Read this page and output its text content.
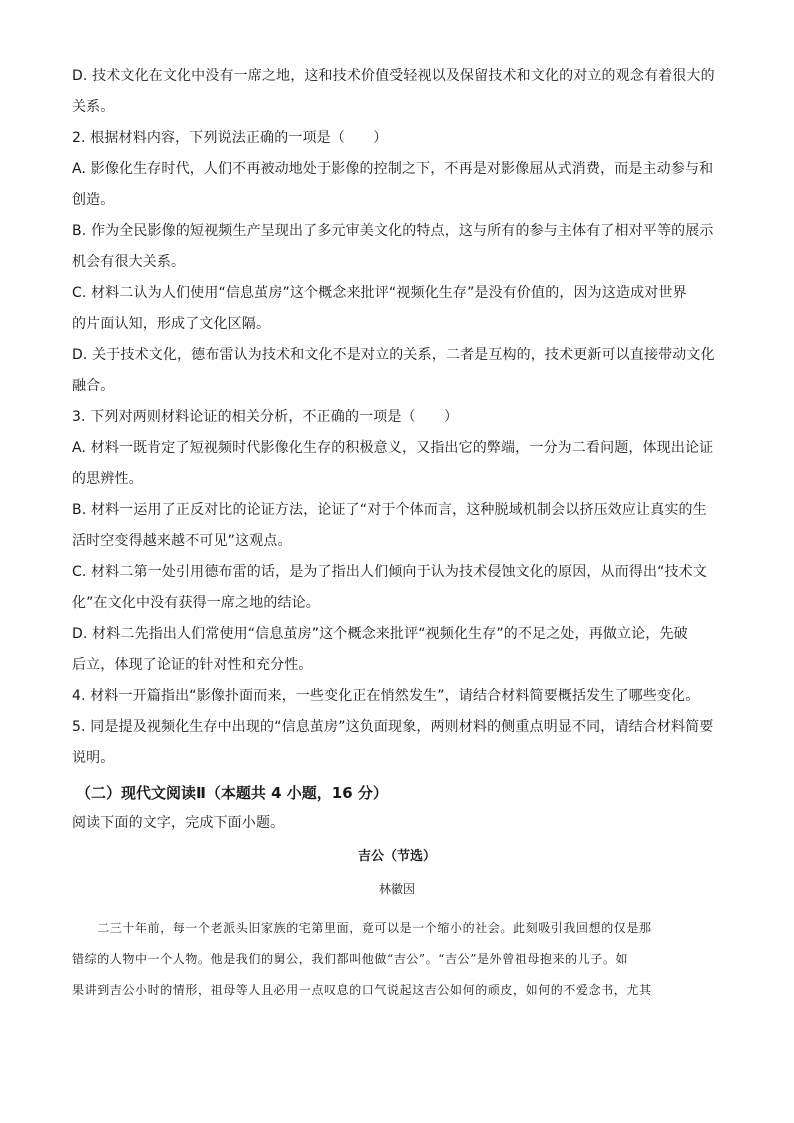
D. 技术文化在文化中没有一席之地，这和技术价值受轻视以及保留技术和文化的对立的观念有着很大的
关系。
2. 根据材料内容，下列说法正确的一项是（　　）
A. 影像化生存时代，人们不再被动地处于影像的控制之下，不再是对影像屈从式消费，而是主动参与和
创造。
B. 作为全民影像的短视频生产呈现出了多元审美文化的特点，这与所有的参与主体有了相对平等的展示
机会有很大关系。
C. 材料二认为人们使用“信息茧房”这个概念来批评“视频化生存”是没有价值的，因为这造成对世界
的片面认知，形成了文化区隔。
D. 关于技术文化，德布雷认为技术和文化不是对立的关系，二者是互构的，技术更新可以直接带动文化
融合。
3. 下列对两则材料论证的相关分析，不正确的一项是（　　）
A. 材料一既肯定了短视频时代影像化生存的积极意义，又指出它的弊端，一分为二看问题，体现出论证
的思辨性。
B. 材料一运用了正反对比的论证方法，论证了“对于个体而言，这种脱域机制会以挤压效应让真实的生
活时空变得越来越不可见”这观点。
C. 材料二第一处引用德布雷的话，是为了指出人们倾向于认为技术侵蚀文化的原因，从而得出“技术文
化”在文化中没有获得一席之地的结论。
D. 材料二先指出人们常使用“信息茧房”这个概念来批评“视频化生存”的不足之处，再做立论，先破
后立，体现了论证的针对性和充分性。
4. 材料一开篇指出“影像扑面而来，一些变化正在悄然发生”，请结合材料简要概括发生了哪些变化。
5. 同是提及视频化生存中出现的“信息茧房”这负面现象，两则材料的侧重点明显不同，请结合材料简要
说明。
（二）现代文阅读Ⅱ（本题共 4 小题，16 分）
阅读下面的文字，完成下面小题。
吉公（节选）
林徽因
　　二三十年前，每一个老派头旧家族的宅第里面，竟可以是一个缩小的社会。此刻吸引我回想的仅是那
错综的人物中一个人物。他是我们的舅公，我们都叫他做“吉公”。“吉公”是外曾祖母抱来的儿子。如
果讲到吉公小时的情形，祖母等人且必用一点叹息的口气说起这吉公如何的顽皮，如何的不爱念书，尤其
